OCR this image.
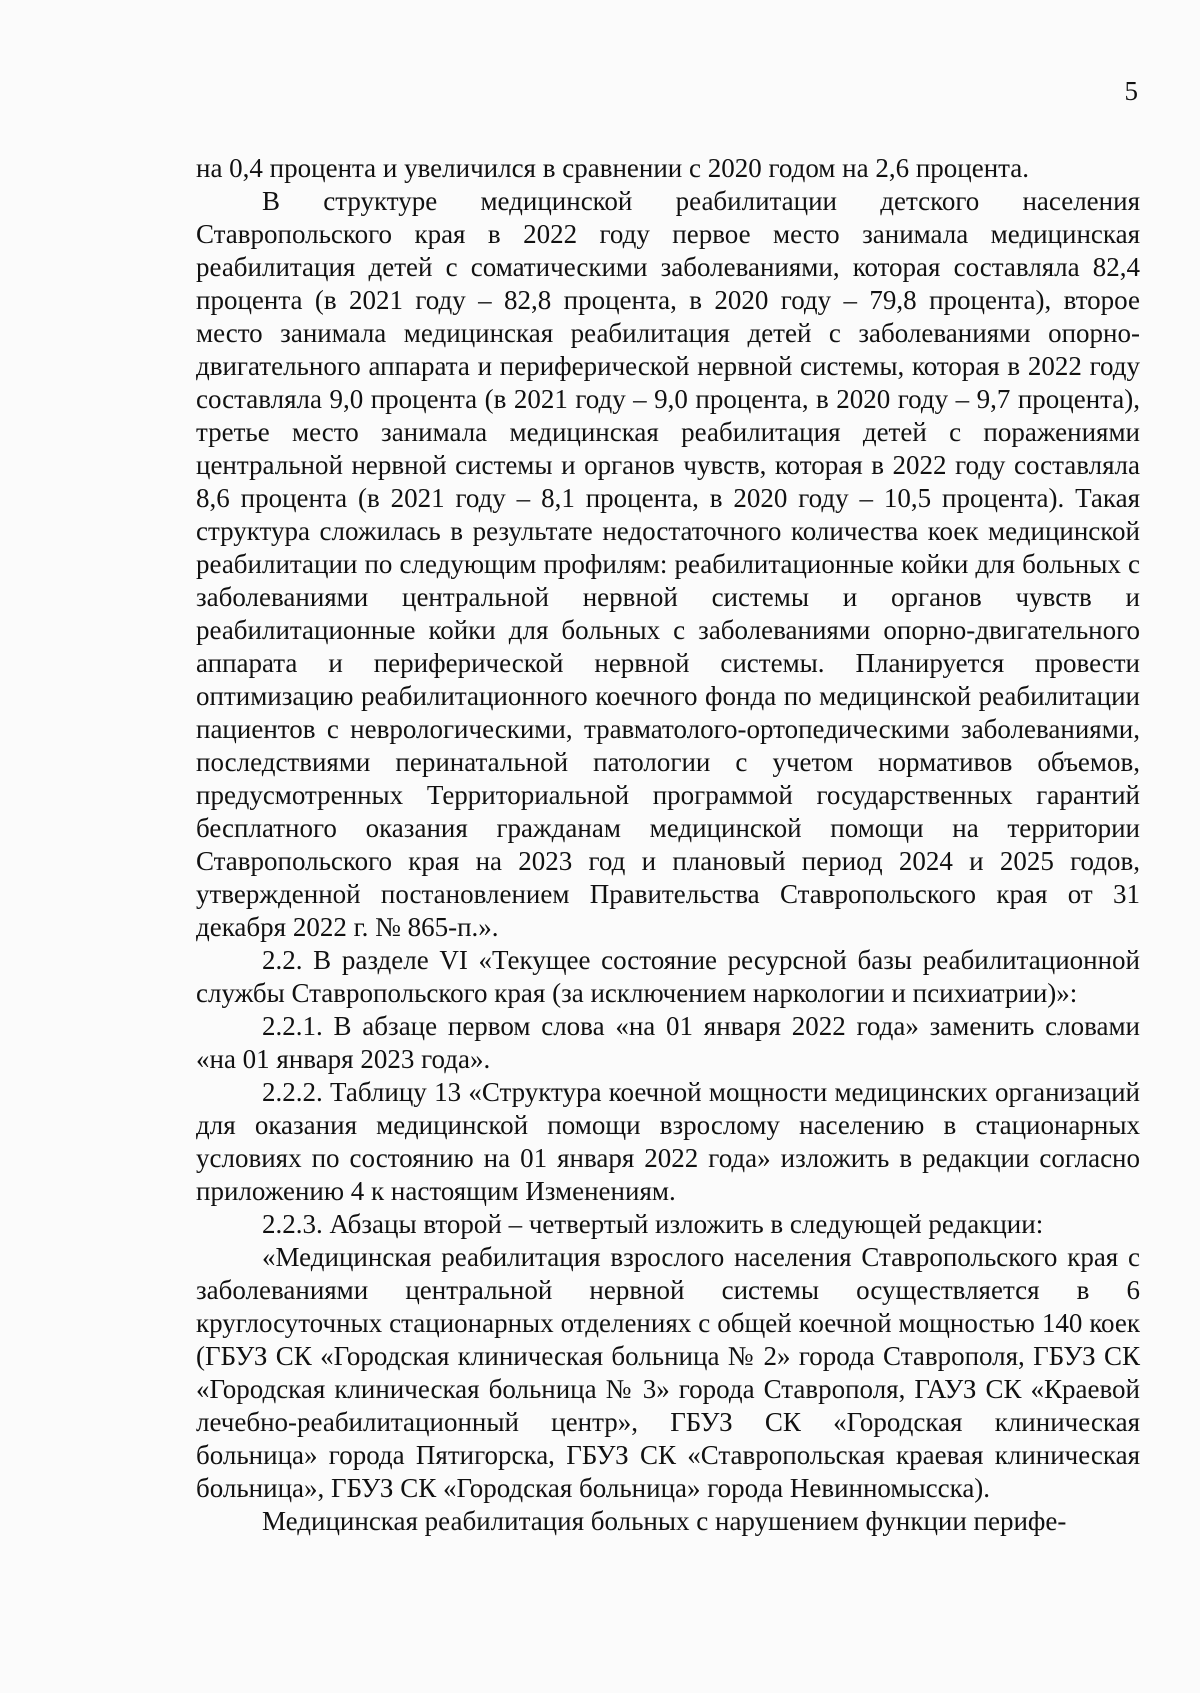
5

на 0,4 процента и увеличился в сравнении с 2020 годом на 2,6 процента.

В структуре медицинской реабилитации детского населения Ставропольского края в 2022 году первое место занимала медицинская реабилитация детей с соматическими заболеваниями, которая составляла 82,4 процента (в 2021 году – 82,8 процента, в 2020 году – 79,8 процента), второе место занимала медицинская реабилитация детей с заболеваниями опорно-двигательного аппарата и периферической нервной системы, которая в 2022 году составляла 9,0 процента (в 2021 году – 9,0 процента, в 2020 году – 9,7 процента), третье место занимала медицинская реабилитация детей с поражениями центральной нервной системы и органов чувств, которая в 2022 году составляла 8,6 процента (в 2021 году – 8,1 процента, в 2020 году – 10,5 процента). Такая структура сложилась в результате недостаточного количества коек медицинской реабилитации по следующим профилям: реабилитационные койки для больных с заболеваниями центральной нервной системы и органов чувств и реабилитационные койки для больных с заболеваниями опорно-двигательного аппарата и периферической нервной системы. Планируется провести оптимизацию реабилитационного коечного фонда по медицинской реабилитации пациентов с неврологическими, травматолого-ортопедическими заболеваниями, последствиями перинатальной патологии с учетом нормативов объемов, предусмотренных Территориальной программой государственных гарантий бесплатного оказания гражданам медицинской помощи на территории Ставропольского края на 2023 год и плановый период 2024 и 2025 годов, утвержденной постановлением Правительства Ставропольского края от 31 декабря 2022 г. № 865-п.».

2.2. В разделе VI «Текущее состояние ресурсной базы реабилитационной службы Ставропольского края (за исключением наркологии и психиатрии)»:

2.2.1. В абзаце первом слова «на 01 января 2022 года» заменить словами «на 01 января 2023 года».

2.2.2. Таблицу 13 «Структура коечной мощности медицинских организаций для оказания медицинской помощи взрослому населению в стационарных условиях по состоянию на 01 января 2022 года» изложить в редакции согласно приложению 4 к настоящим Изменениям.

2.2.3. Абзацы второй – четвертый изложить в следующей редакции:

«Медицинская реабилитация взрослого населения Ставропольского края с заболеваниями центральной нервной системы осуществляется в 6 круглосуточных стационарных отделениях с общей коечной мощностью 140 коек (ГБУЗ СК «Городская клиническая больница № 2» города Ставрополя, ГБУЗ СК «Городская клиническая больница № 3» города Ставрополя, ГАУЗ СК «Краевой лечебно-реабилитационный центр», ГБУЗ СК «Городская клиническая больница» города Пятигорска, ГБУЗ СК «Ставропольская краевая клиническая больница», ГБУЗ СК «Городская больница» города Невинномысска).

Медицинская реабилитация больных с нарушением функции перифе-
